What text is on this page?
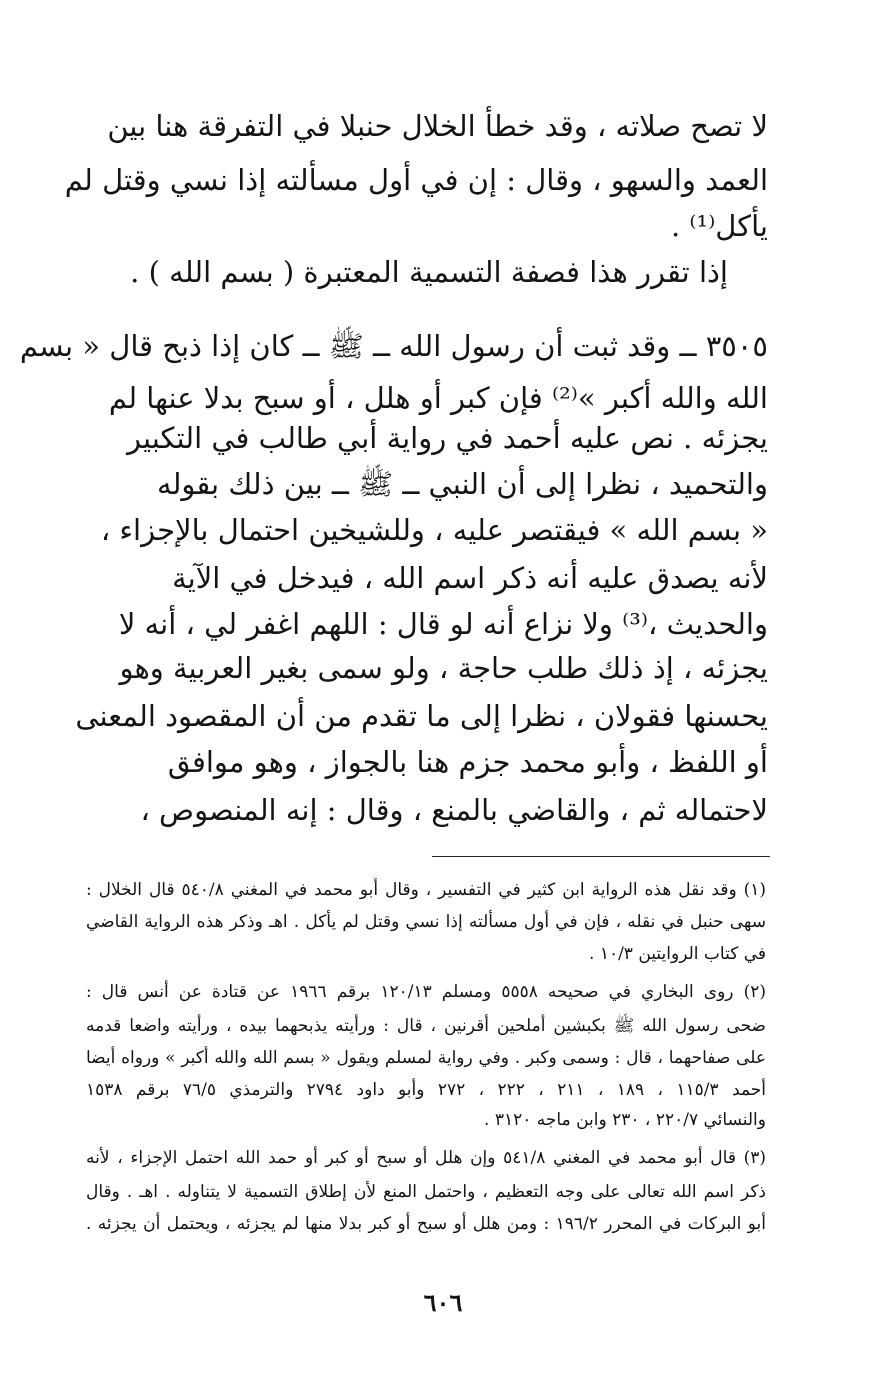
لا تصح صلاته ، وقد خطأ الخلال حنبلا في التفرقة هنا بين
العمد والسهو ، وقال : إن في أول مسألته إذا نسي وقتل لم
يأكل⁽¹⁾ .
إذا تقرر هذا فصفة التسمية المعتبرة ( بسم الله ) .
٣٥٠٥ ــ وقد ثبت أن رسول الله ــ ﷺ ــ كان إذا ذبح قال « بسم
الله والله أكبر »⁽²⁾ فإن كبر أو هلل ، أو سبح بدلا عنها لم
يجزئه . نص عليه أحمد في رواية أبي طالب في التكبير
والتحميد ، نظرا إلى أن النبي ــ ﷺ ــ بين ذلك بقوله
« بسم الله » فيقتصر عليه ، وللشيخين احتمال بالإجزاء ،
لأنه يصدق عليه أنه ذكر اسم الله ، فيدخل في الآية
والحديث ،⁽³⁾ ولا نزاع أنه لو قال : اللهم اغفر لي ، أنه لا
يجزئه ، إذ ذلك طلب حاجة ، ولو سمى بغير العربية وهو
يحسنها فقولان ، نظرا إلى ما تقدم من أن المقصود المعنى
أو اللفظ ، وأبو محمد جزم هنا بالجواز ، وهو موافق
لاحتماله ثم ، والقاضي بالمنع ، وقال : إنه المنصوص ،
(١) وقد نقل هذه الرواية ابن كثير في التفسير ، وقال أبو محمد في المغني ٥٤٠/٨ قال الخلال :
سهى حنبل في نقله ، فإن في أول مسألته إذا نسي وقتل لم يأكل . اهـ وذكر هذه الرواية القاضي
في كتاب الروايتين ١٠/٣ .
(٢) روى البخاري في صحيحه ٥٥٥٨ ومسلم ١٢٠/١٣ برقم ١٩٦٦ عن قتادة عن أنس قال :
ضحى رسول الله ﷺ بكبشين أملحين أقرنين ، قال : ورأيته يذبحهما بيده ، ورأيته واضعا قدمه
على صفاحهما ، قال : وسمى وكبر . وفي رواية لمسلم ويقول « بسم الله والله أكبر » ورواه أيضا
أحمد ١١٥/٣ ، ١٨٩ ، ٢١١ ، ٢٢٢ ، ٢٧٢ وأبو داود ٢٧٩٤ والترمذي ٧٦/٥ برقم ١٥٣٨
والنسائي ٢٢٠/٧ ، ٢٣٠ وابن ماجه ٣١٢٠ .
(٣) قال أبو محمد في المغني ٥٤١/٨ وإن هلل أو سبح أو كبر أو حمد الله احتمل الإجزاء ، لأنه
ذكر اسم الله تعالى على وجه التعظيم ، واحتمل المنع لأن إطلاق التسمية لا يتناوله . اهـ . وقال
أبو البركات في المحرر ١٩٦/٢ : ومن هلل أو سبح أو كبر بدلا منها لم يجزئه ، ويحتمل أن يجزئه .
٦٠٦
